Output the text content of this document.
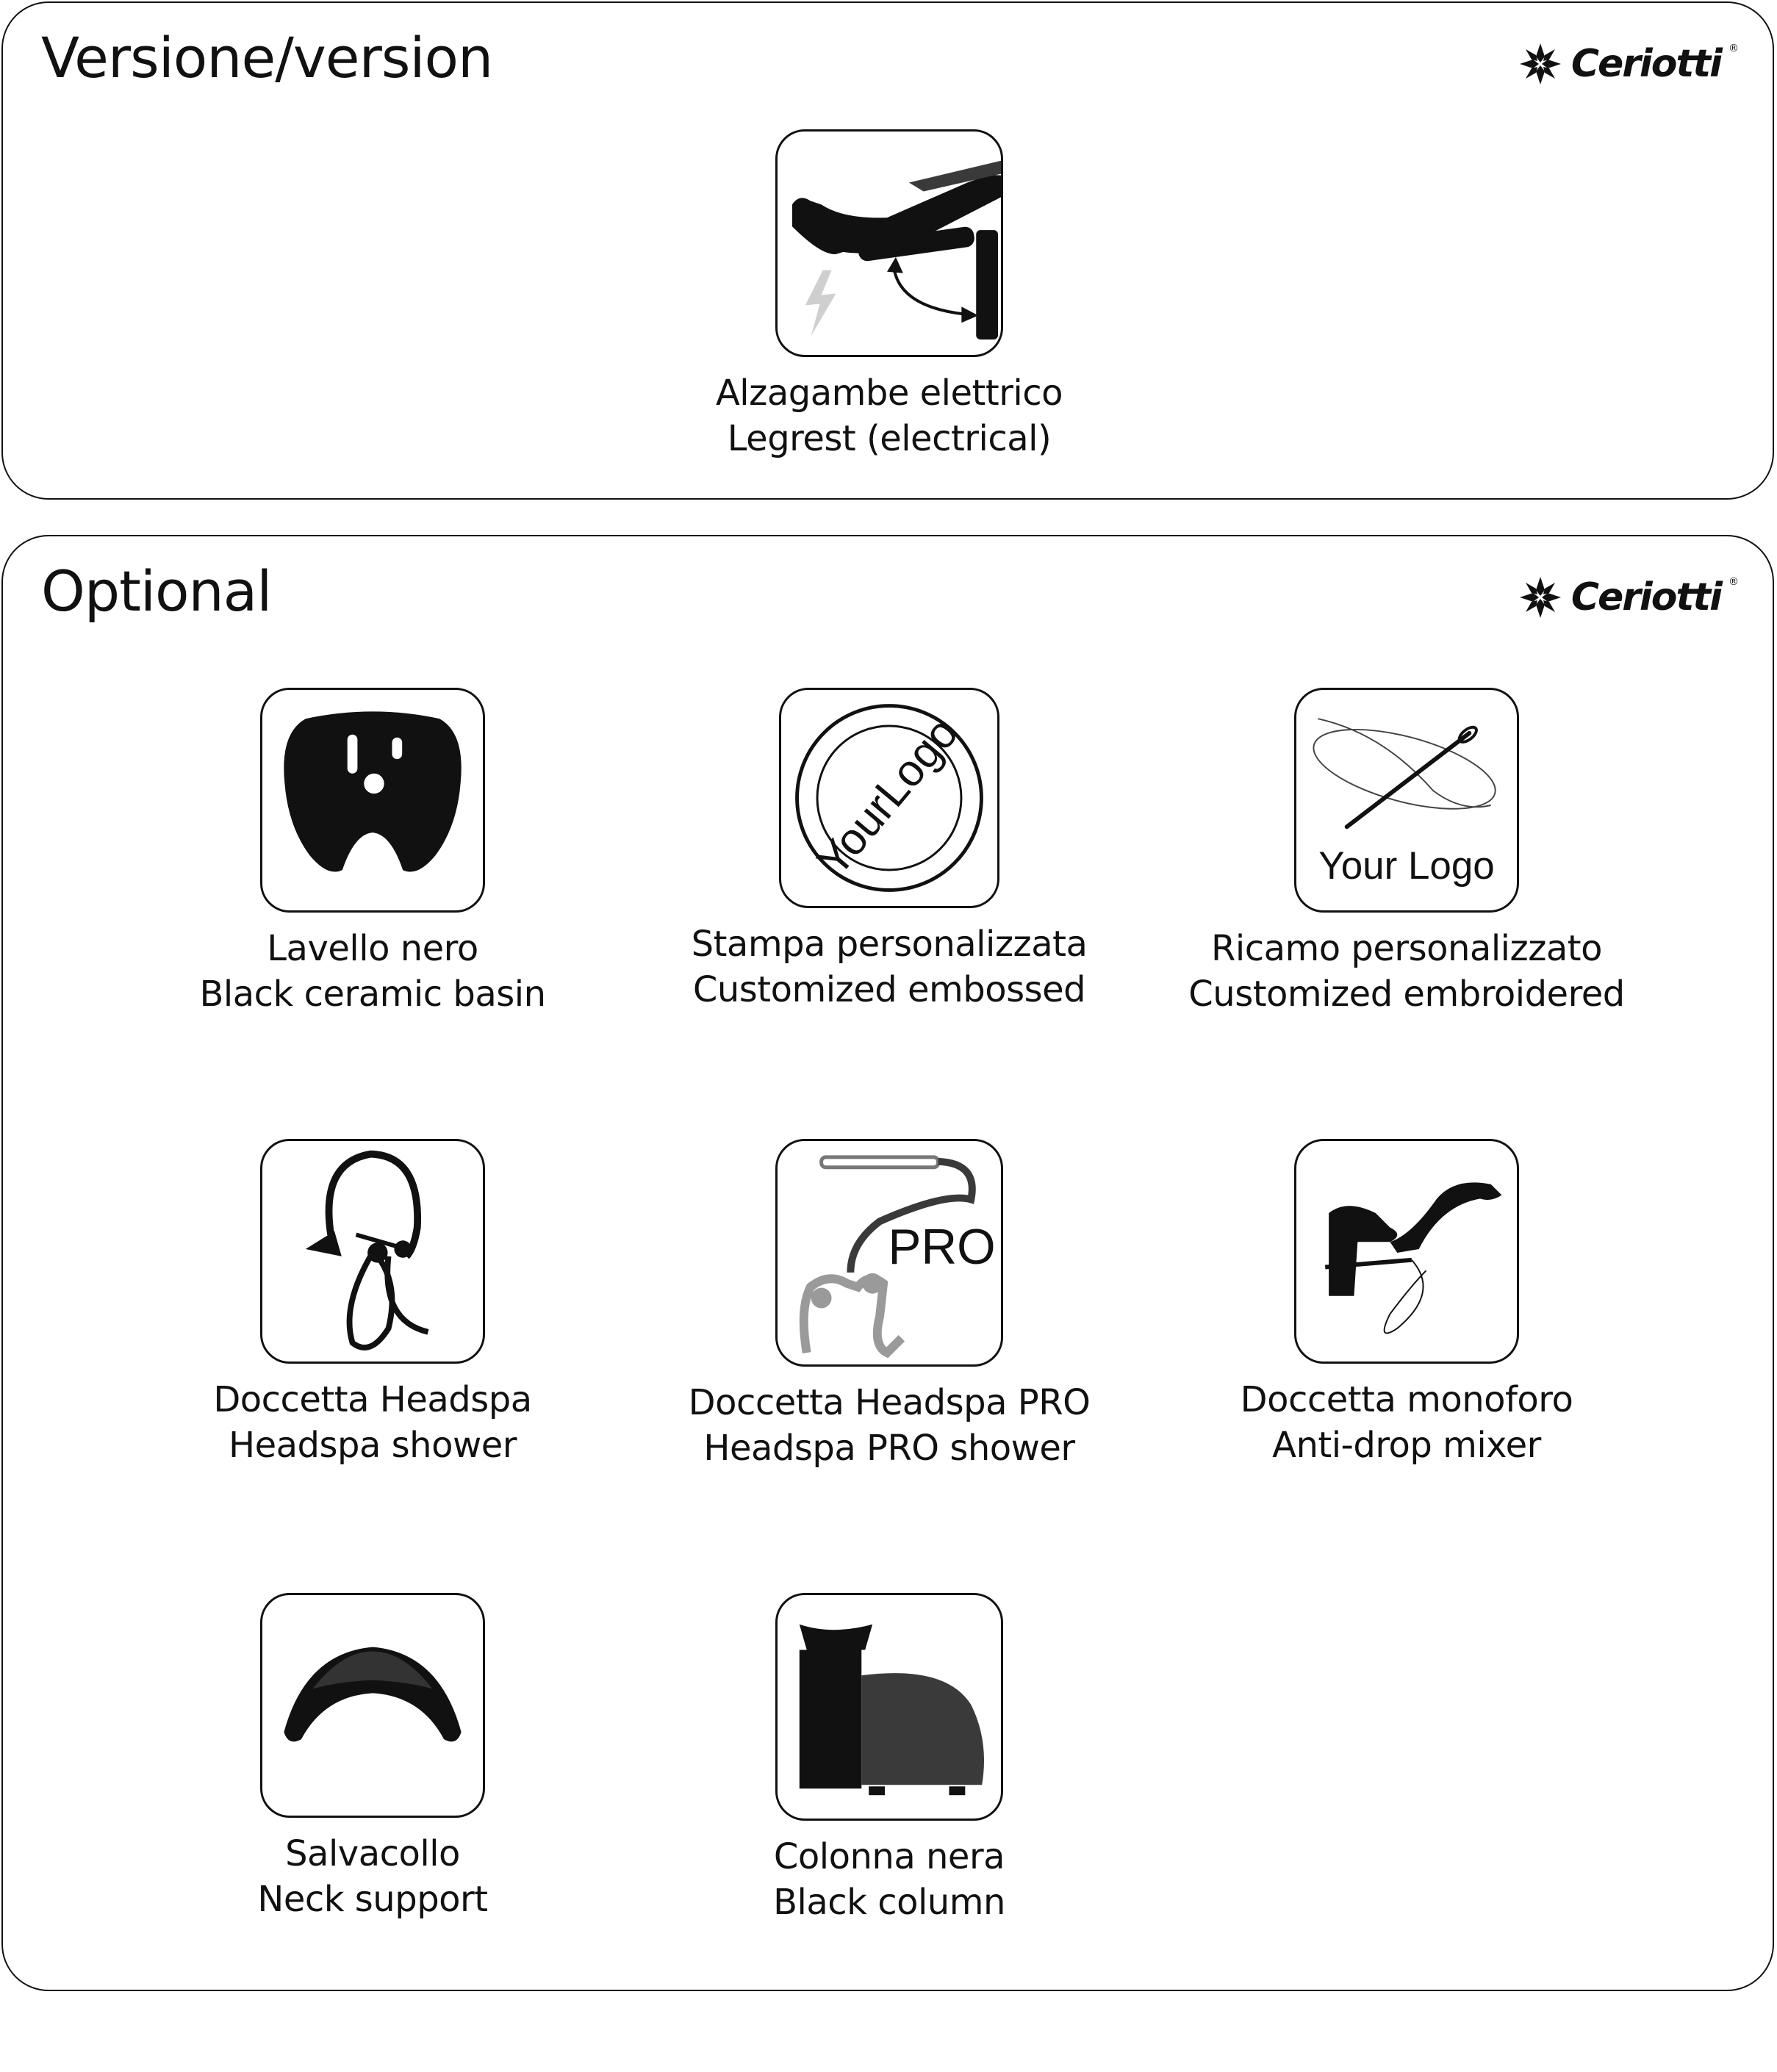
Versione/version	Ceriotti ®
Alzagambe elettrico
Legrest (electrical)
Optional	Ceriotti ®
Lavello nero
Black ceramic basin
YourLogo
Stampa personalizzata
Customized embossed
Your Logo
Ricamo personalizzato
Customized embroidered
Doccetta Headspa
Headspa shower
PRO
Doccetta Headspa PRO
Headspa PRO shower
Doccetta monoforo
Anti-drop mixer
Salvacollo
Neck support
Colonna nera
Black column
